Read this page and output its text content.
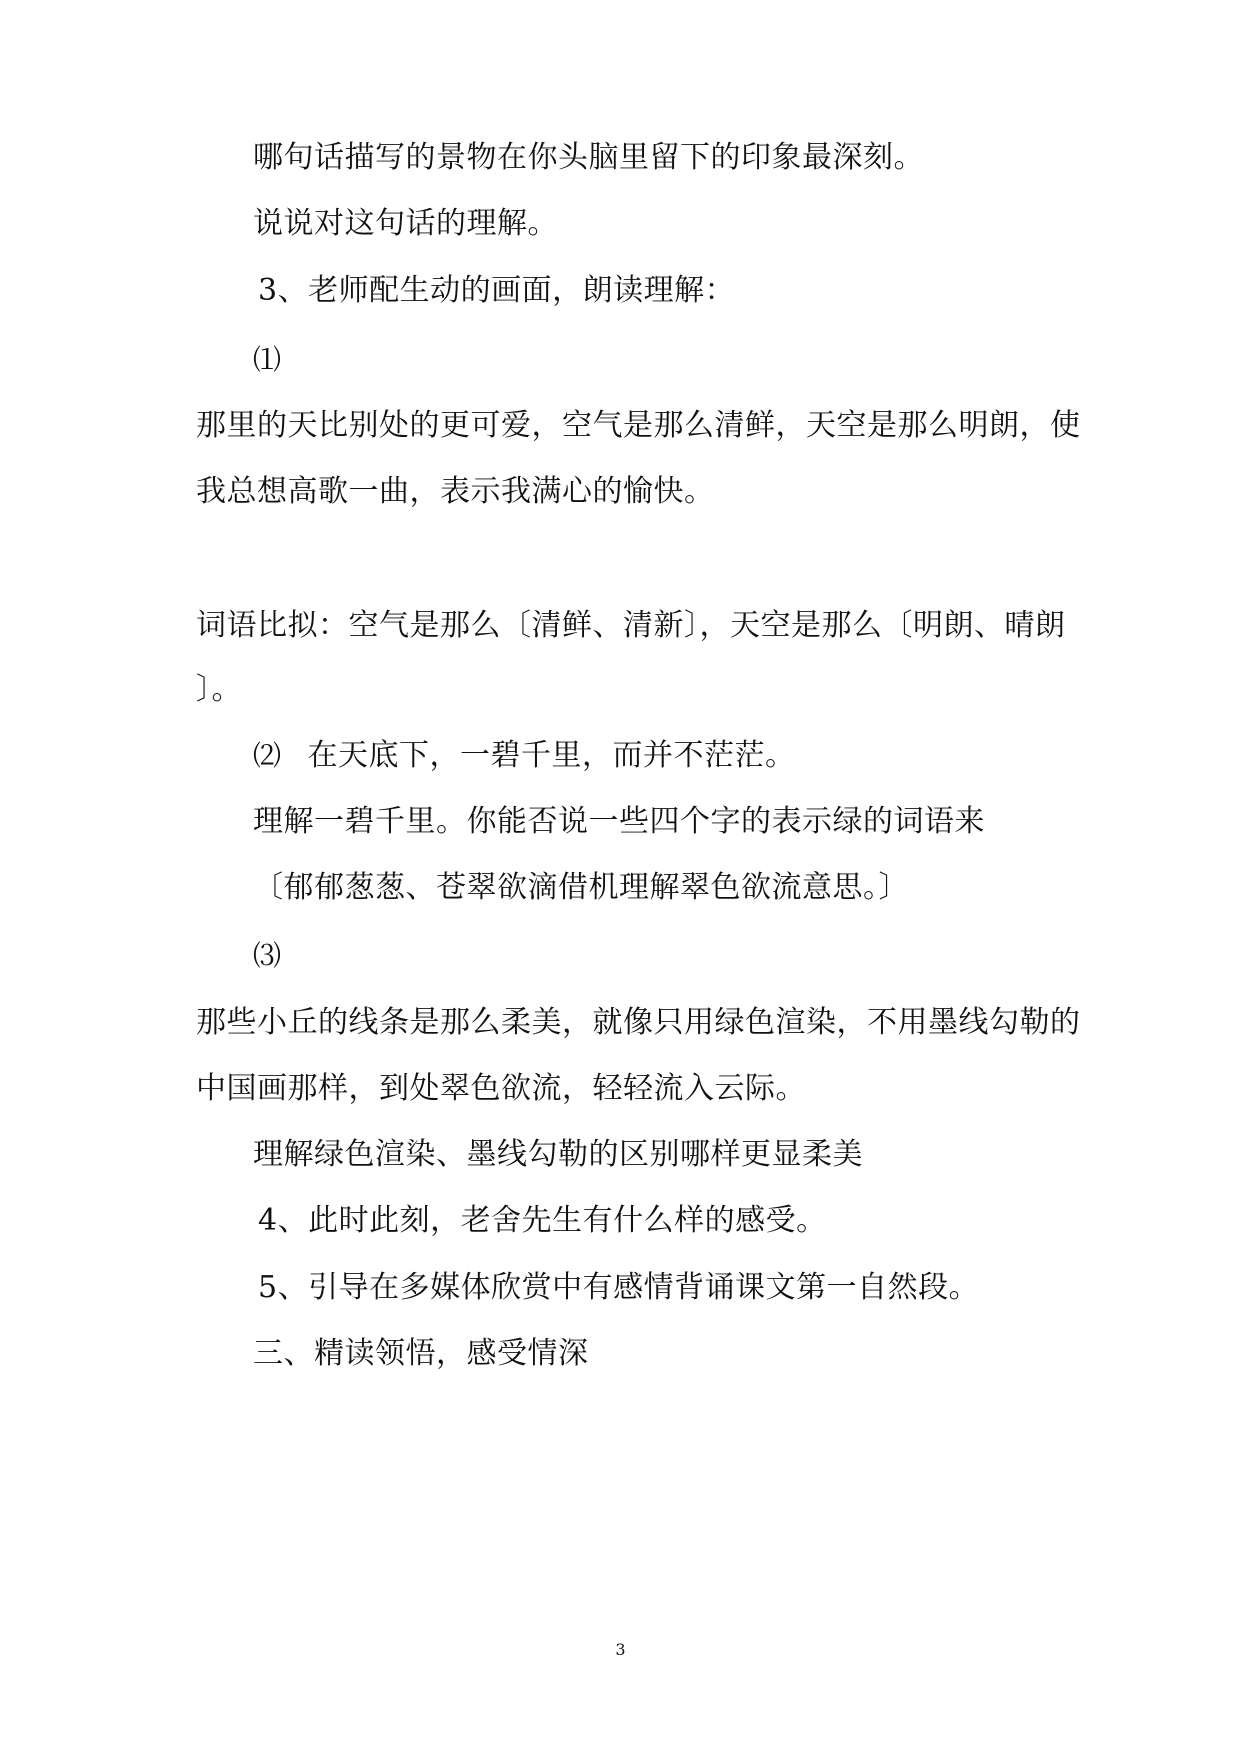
哪句话描写的景物在你头脑里留下的印象最深刻。
说说对这句话的理解。
3、老师配生动的画面，朗读理解：
⑴
那里的天比别处的更可爱，空气是那么清鲜，天空是那么明朗，使
我总想高歌一曲，表示我满心的愉快。
词语比拟：空气是那么〔清鲜、清新〕，天空是那么〔明朗、晴朗
〕。
⑵ 在天底下，一碧千里，而并不茫茫。
理解一碧千里。你能否说一些四个字的表示绿的词语来
〔郁郁葱葱、苍翠欲滴借机理解翠色欲流意思。〕
⑶
那些小丘的线条是那么柔美，就像只用绿色渲染，不用墨线勾勒的
中国画那样，到处翠色欲流，轻轻流入云际。
理解绿色渲染、墨线勾勒的区别哪样更显柔美
4、此时此刻，老舍先生有什么样的感受。
5、引导在多媒体欣赏中有感情背诵课文第一自然段。
三、精读领悟，感受情深
3
